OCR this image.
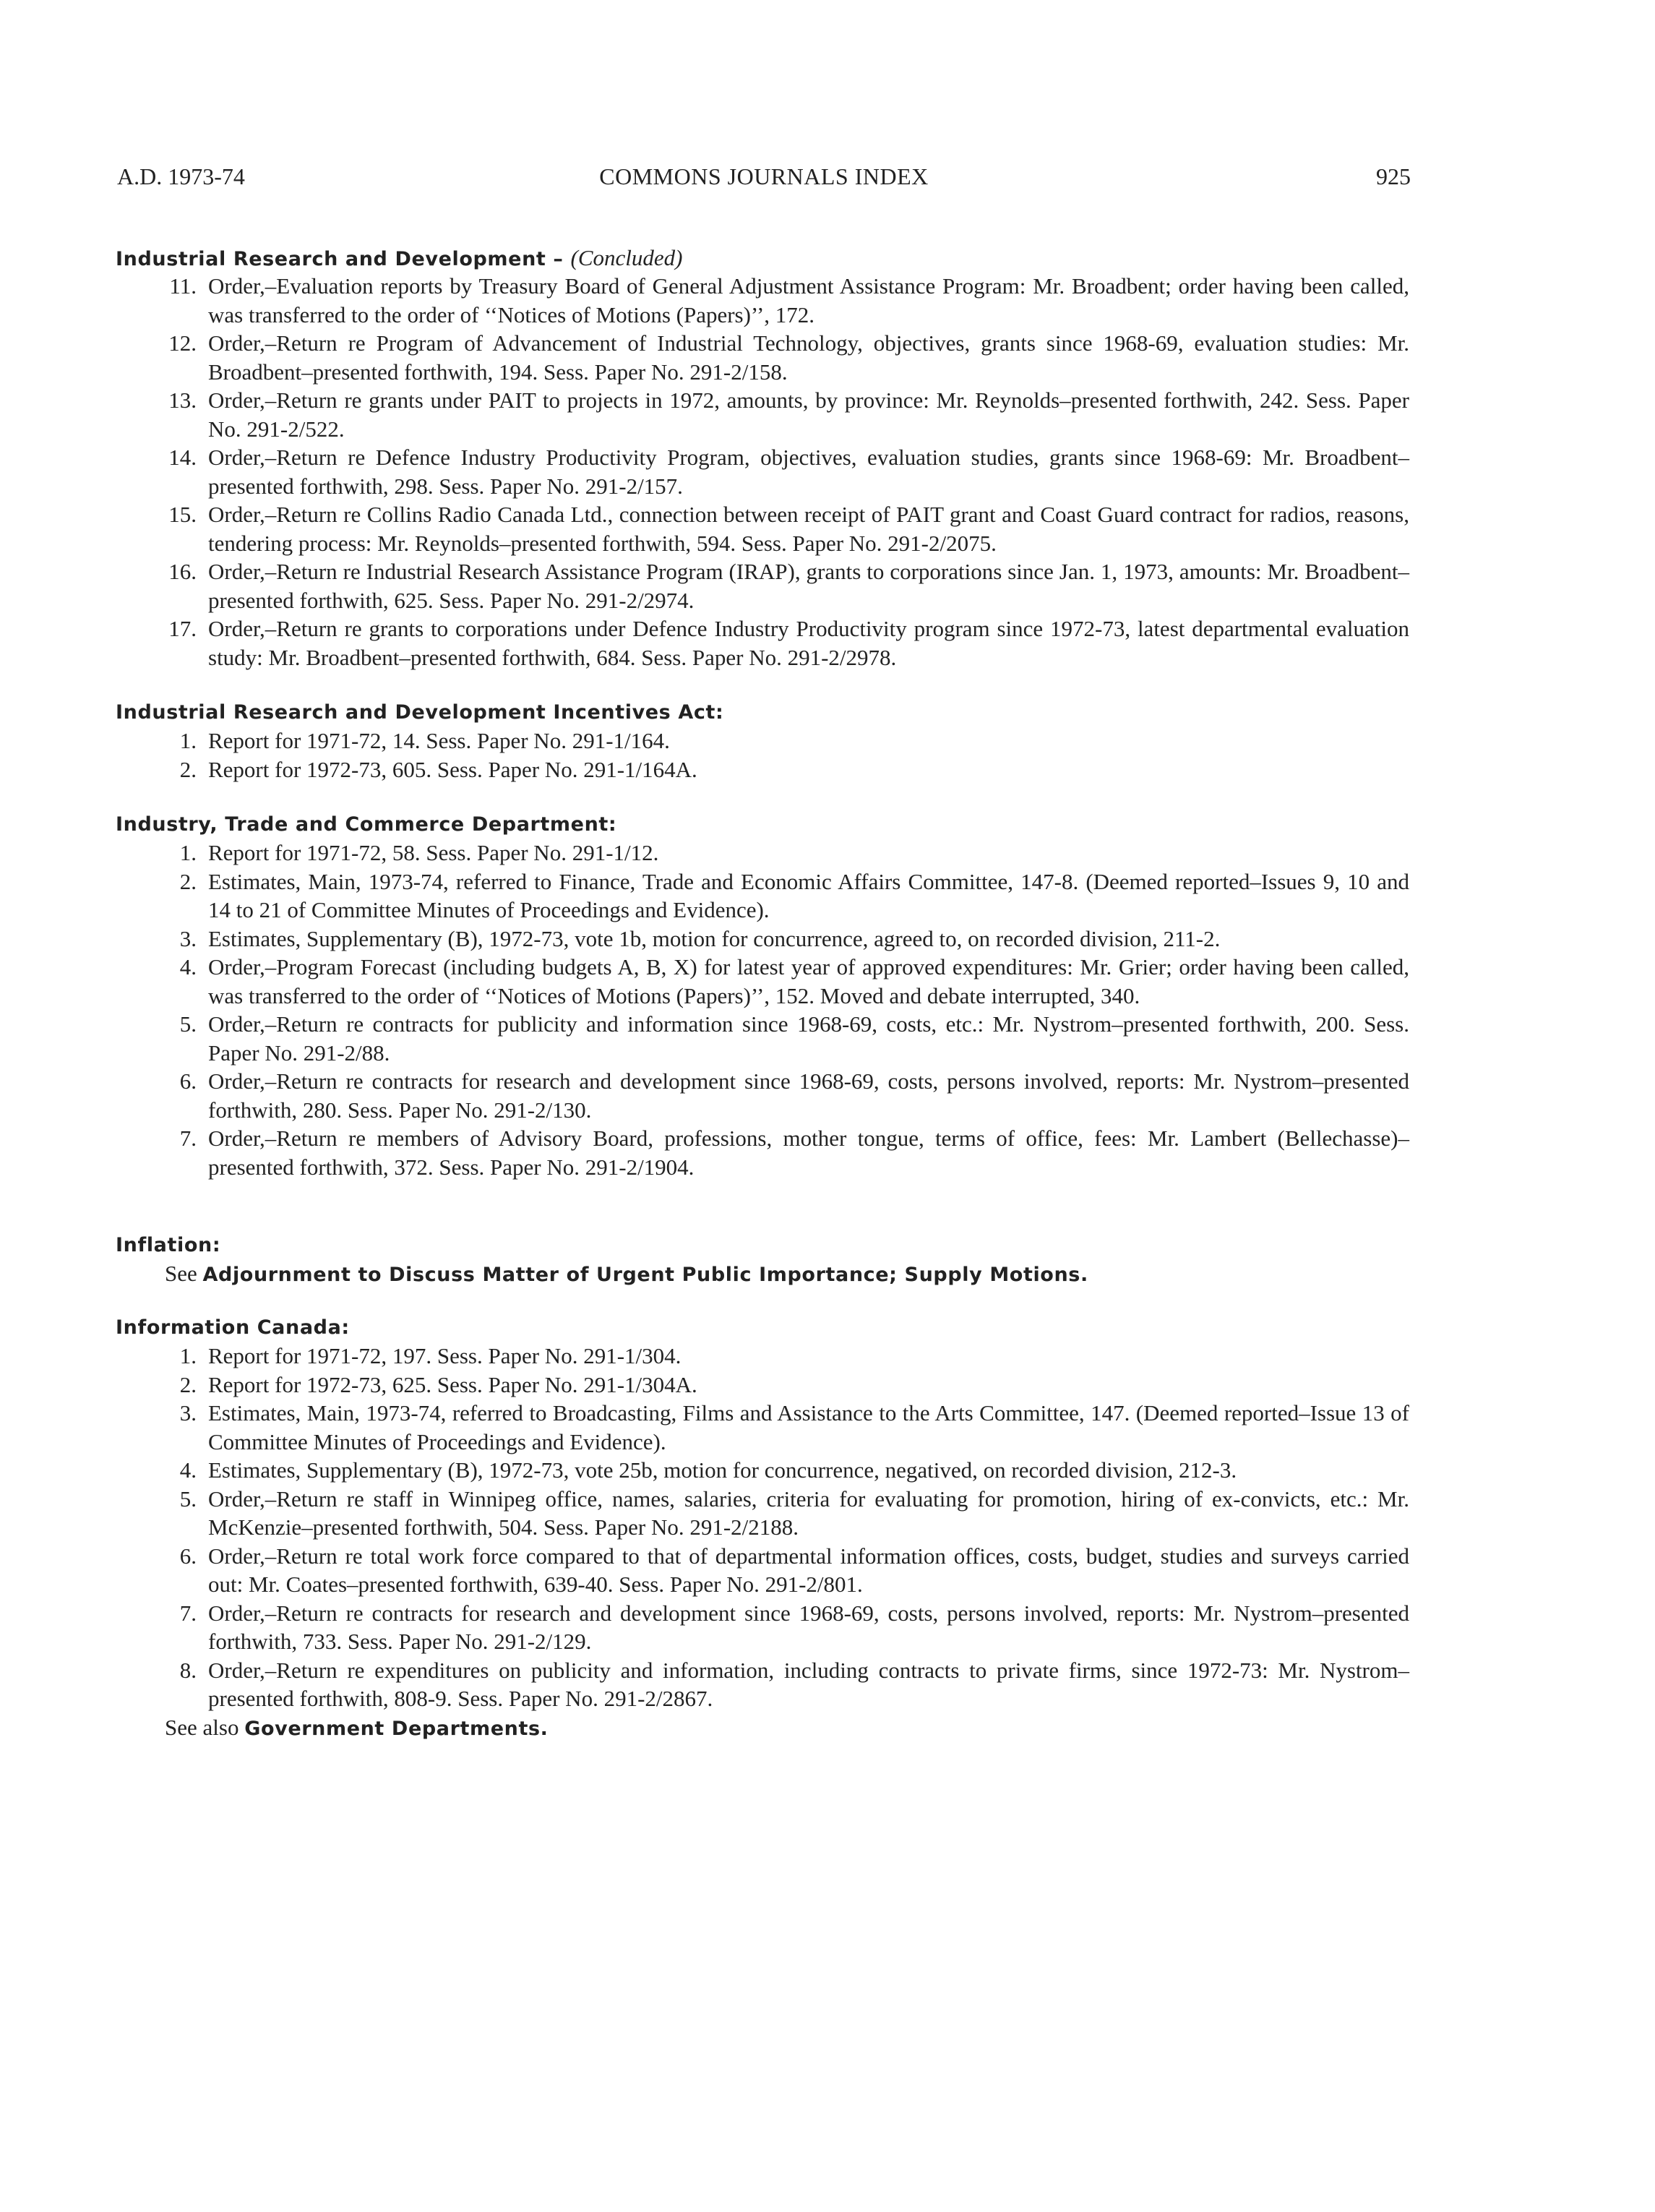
A.D. 1973-74	COMMONS JOURNALS INDEX	925
Industrial Research and Development – (Concluded)
11. Order,–Evaluation reports by Treasury Board of General Adjustment Assistance Program: Mr. Broadbent; order having been called, was transferred to the order of ‘‘Notices of Motions (Papers)’’, 172.
12. Order,–Return re Program of Advancement of Industrial Technology, objectives, grants since 1968-69, evaluation studies: Mr. Broadbent–presented forthwith, 194. Sess. Paper No. 291-2/158.
13. Order,–Return re grants under PAIT to projects in 1972, amounts, by province: Mr. Reynolds–presented forthwith, 242. Sess. Paper No. 291-2/522.
14. Order,–Return re Defence Industry Productivity Program, objectives, evaluation studies, grants since 1968-69: Mr. Broadbent–presented forthwith, 298. Sess. Paper No. 291-2/157.
15. Order,–Return re Collins Radio Canada Ltd., connection between receipt of PAIT grant and Coast Guard contract for radios, reasons, tendering process: Mr. Reynolds–presented forthwith, 594. Sess. Paper No. 291-2/2075.
16. Order,–Return re Industrial Research Assistance Program (IRAP), grants to corporations since Jan. 1, 1973, amounts: Mr. Broadbent–presented forthwith, 625. Sess. Paper No. 291-2/2974.
17. Order,–Return re grants to corporations under Defence Industry Productivity program since 1972-73, latest departmental evaluation study: Mr. Broadbent–presented forthwith, 684. Sess. Paper No. 291-2/2978.
Industrial Research and Development Incentives Act:
1. Report for 1971-72, 14. Sess. Paper No. 291-1/164.
2. Report for 1972-73, 605. Sess. Paper No. 291-1/164A.
Industry, Trade and Commerce Department:
1. Report for 1971-72, 58. Sess. Paper No. 291-1/12.
2. Estimates, Main, 1973-74, referred to Finance, Trade and Economic Affairs Committee, 147-8. (Deemed reported–Issues 9, 10 and 14 to 21 of Committee Minutes of Proceedings and Evidence).
3. Estimates, Supplementary (B), 1972-73, vote 1b, motion for concurrence, agreed to, on recorded division, 211-2.
4. Order,–Program Forecast (including budgets A, B, X) for latest year of approved expenditures: Mr. Grier; order having been called, was transferred to the order of ‘‘Notices of Motions (Papers)’’, 152. Moved and debate interrupted, 340.
5. Order,–Return re contracts for publicity and information since 1968-69, costs, etc.: Mr. Nystrom–presented forthwith, 200. Sess. Paper No. 291-2/88.
6. Order,–Return re contracts for research and development since 1968-69, costs, persons involved, reports: Mr. Nystrom–presented forthwith, 280. Sess. Paper No. 291-2/130.
7. Order,–Return re members of Advisory Board, professions, mother tongue, terms of office, fees: Mr. Lambert (Bellechasse)–presented forthwith, 372. Sess. Paper No. 291-2/1904.
Inflation:
See Adjournment to Discuss Matter of Urgent Public Importance; Supply Motions.
Information Canada:
1. Report for 1971-72, 197. Sess. Paper No. 291-1/304.
2. Report for 1972-73, 625. Sess. Paper No. 291-1/304A.
3. Estimates, Main, 1973-74, referred to Broadcasting, Films and Assistance to the Arts Committee, 147. (Deemed reported–Issue 13 of Committee Minutes of Proceedings and Evidence).
4. Estimates, Supplementary (B), 1972-73, vote 25b, motion for concurrence, negatived, on recorded division, 212-3.
5. Order,–Return re staff in Winnipeg office, names, salaries, criteria for evaluating for promotion, hiring of ex-convicts, etc.: Mr. McKenzie–presented forthwith, 504. Sess. Paper No. 291-2/2188.
6. Order,–Return re total work force compared to that of departmental information offices, costs, budget, studies and surveys carried out: Mr. Coates–presented forthwith, 639-40. Sess. Paper No. 291-2/801.
7. Order,–Return re contracts for research and development since 1968-69, costs, persons involved, reports: Mr. Nystrom–presented forthwith, 733. Sess. Paper No. 291-2/129.
8. Order,–Return re expenditures on publicity and information, including contracts to private firms, since 1972-73: Mr. Nystrom–presented forthwith, 808-9. Sess. Paper No. 291-2/2867.
See also Government Departments.
